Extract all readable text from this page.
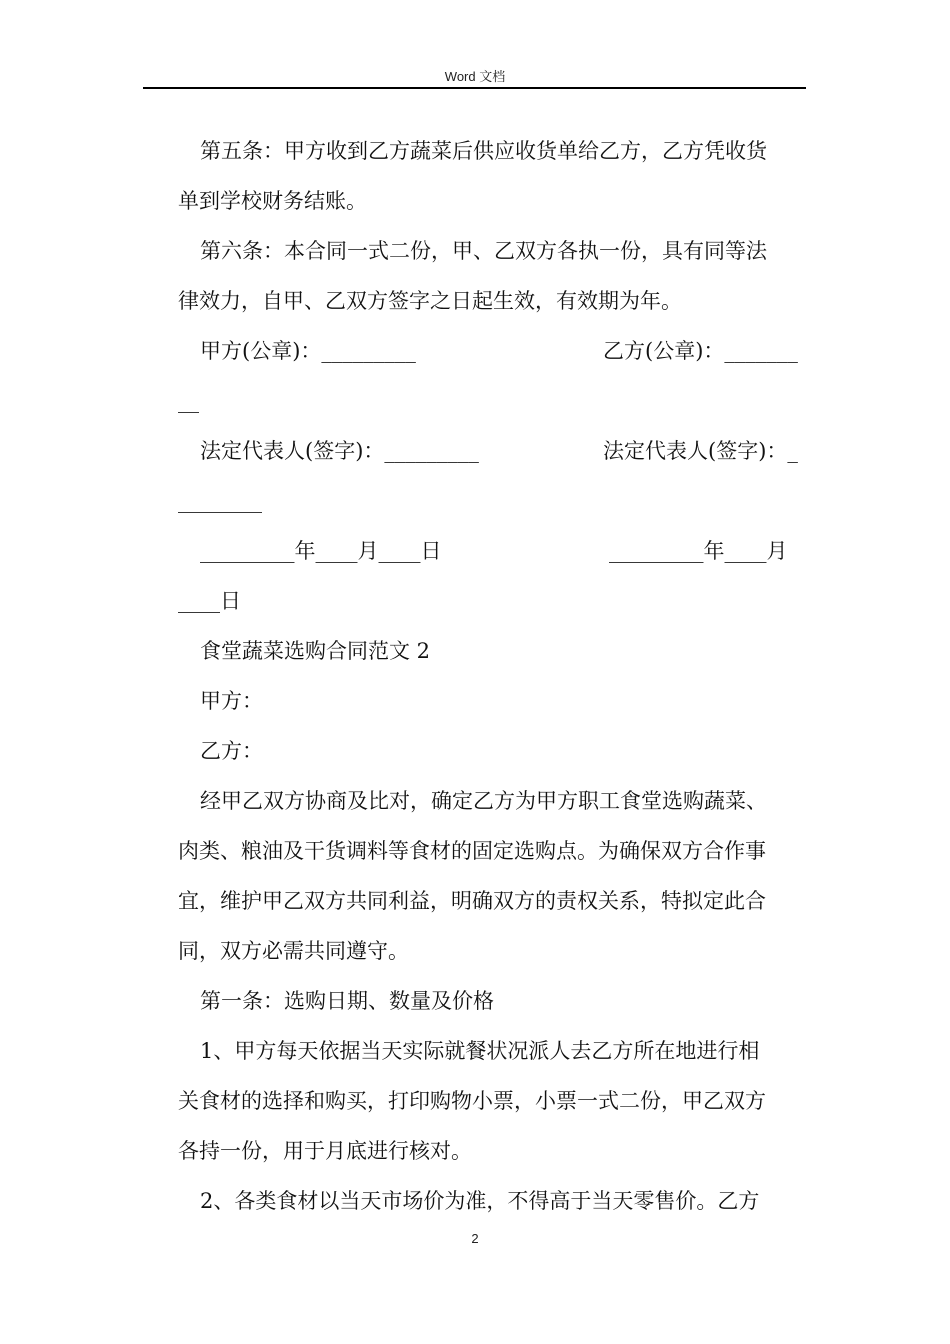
Word 文档
第五条：甲方收到乙方蔬菜后供应收货单给乙方，乙方凭收货
单到学校财务结账。
第六条：本合同一式二份，甲、乙双方各执一份，具有同等法
律效力，自甲、乙双方签字之日起生效，有效期为年。
甲方(公章)：_________	乙方(公章)：_______
__
法定代表人(签字)：_________	法定代表人(签字)：_
________
_________年____月____日	_________年____月
____日
食堂蔬菜选购合同范文 2
甲方：
乙方：
经甲乙双方协商及比对，确定乙方为甲方职工食堂选购蔬菜、
肉类、粮油及干货调料等食材的固定选购点。为确保双方合作事
宜，维护甲乙双方共同利益，明确双方的责权关系，特拟定此合
同，双方必需共同遵守。
第一条：选购日期、数量及价格
1、甲方每天依据当天实际就餐状况派人去乙方所在地进行相
关食材的选择和购买，打印购物小票，小票一式二份，甲乙双方
各持一份，用于月底进行核对。
2、各类食材以当天市场价为准，不得高于当天零售价。乙方
2
